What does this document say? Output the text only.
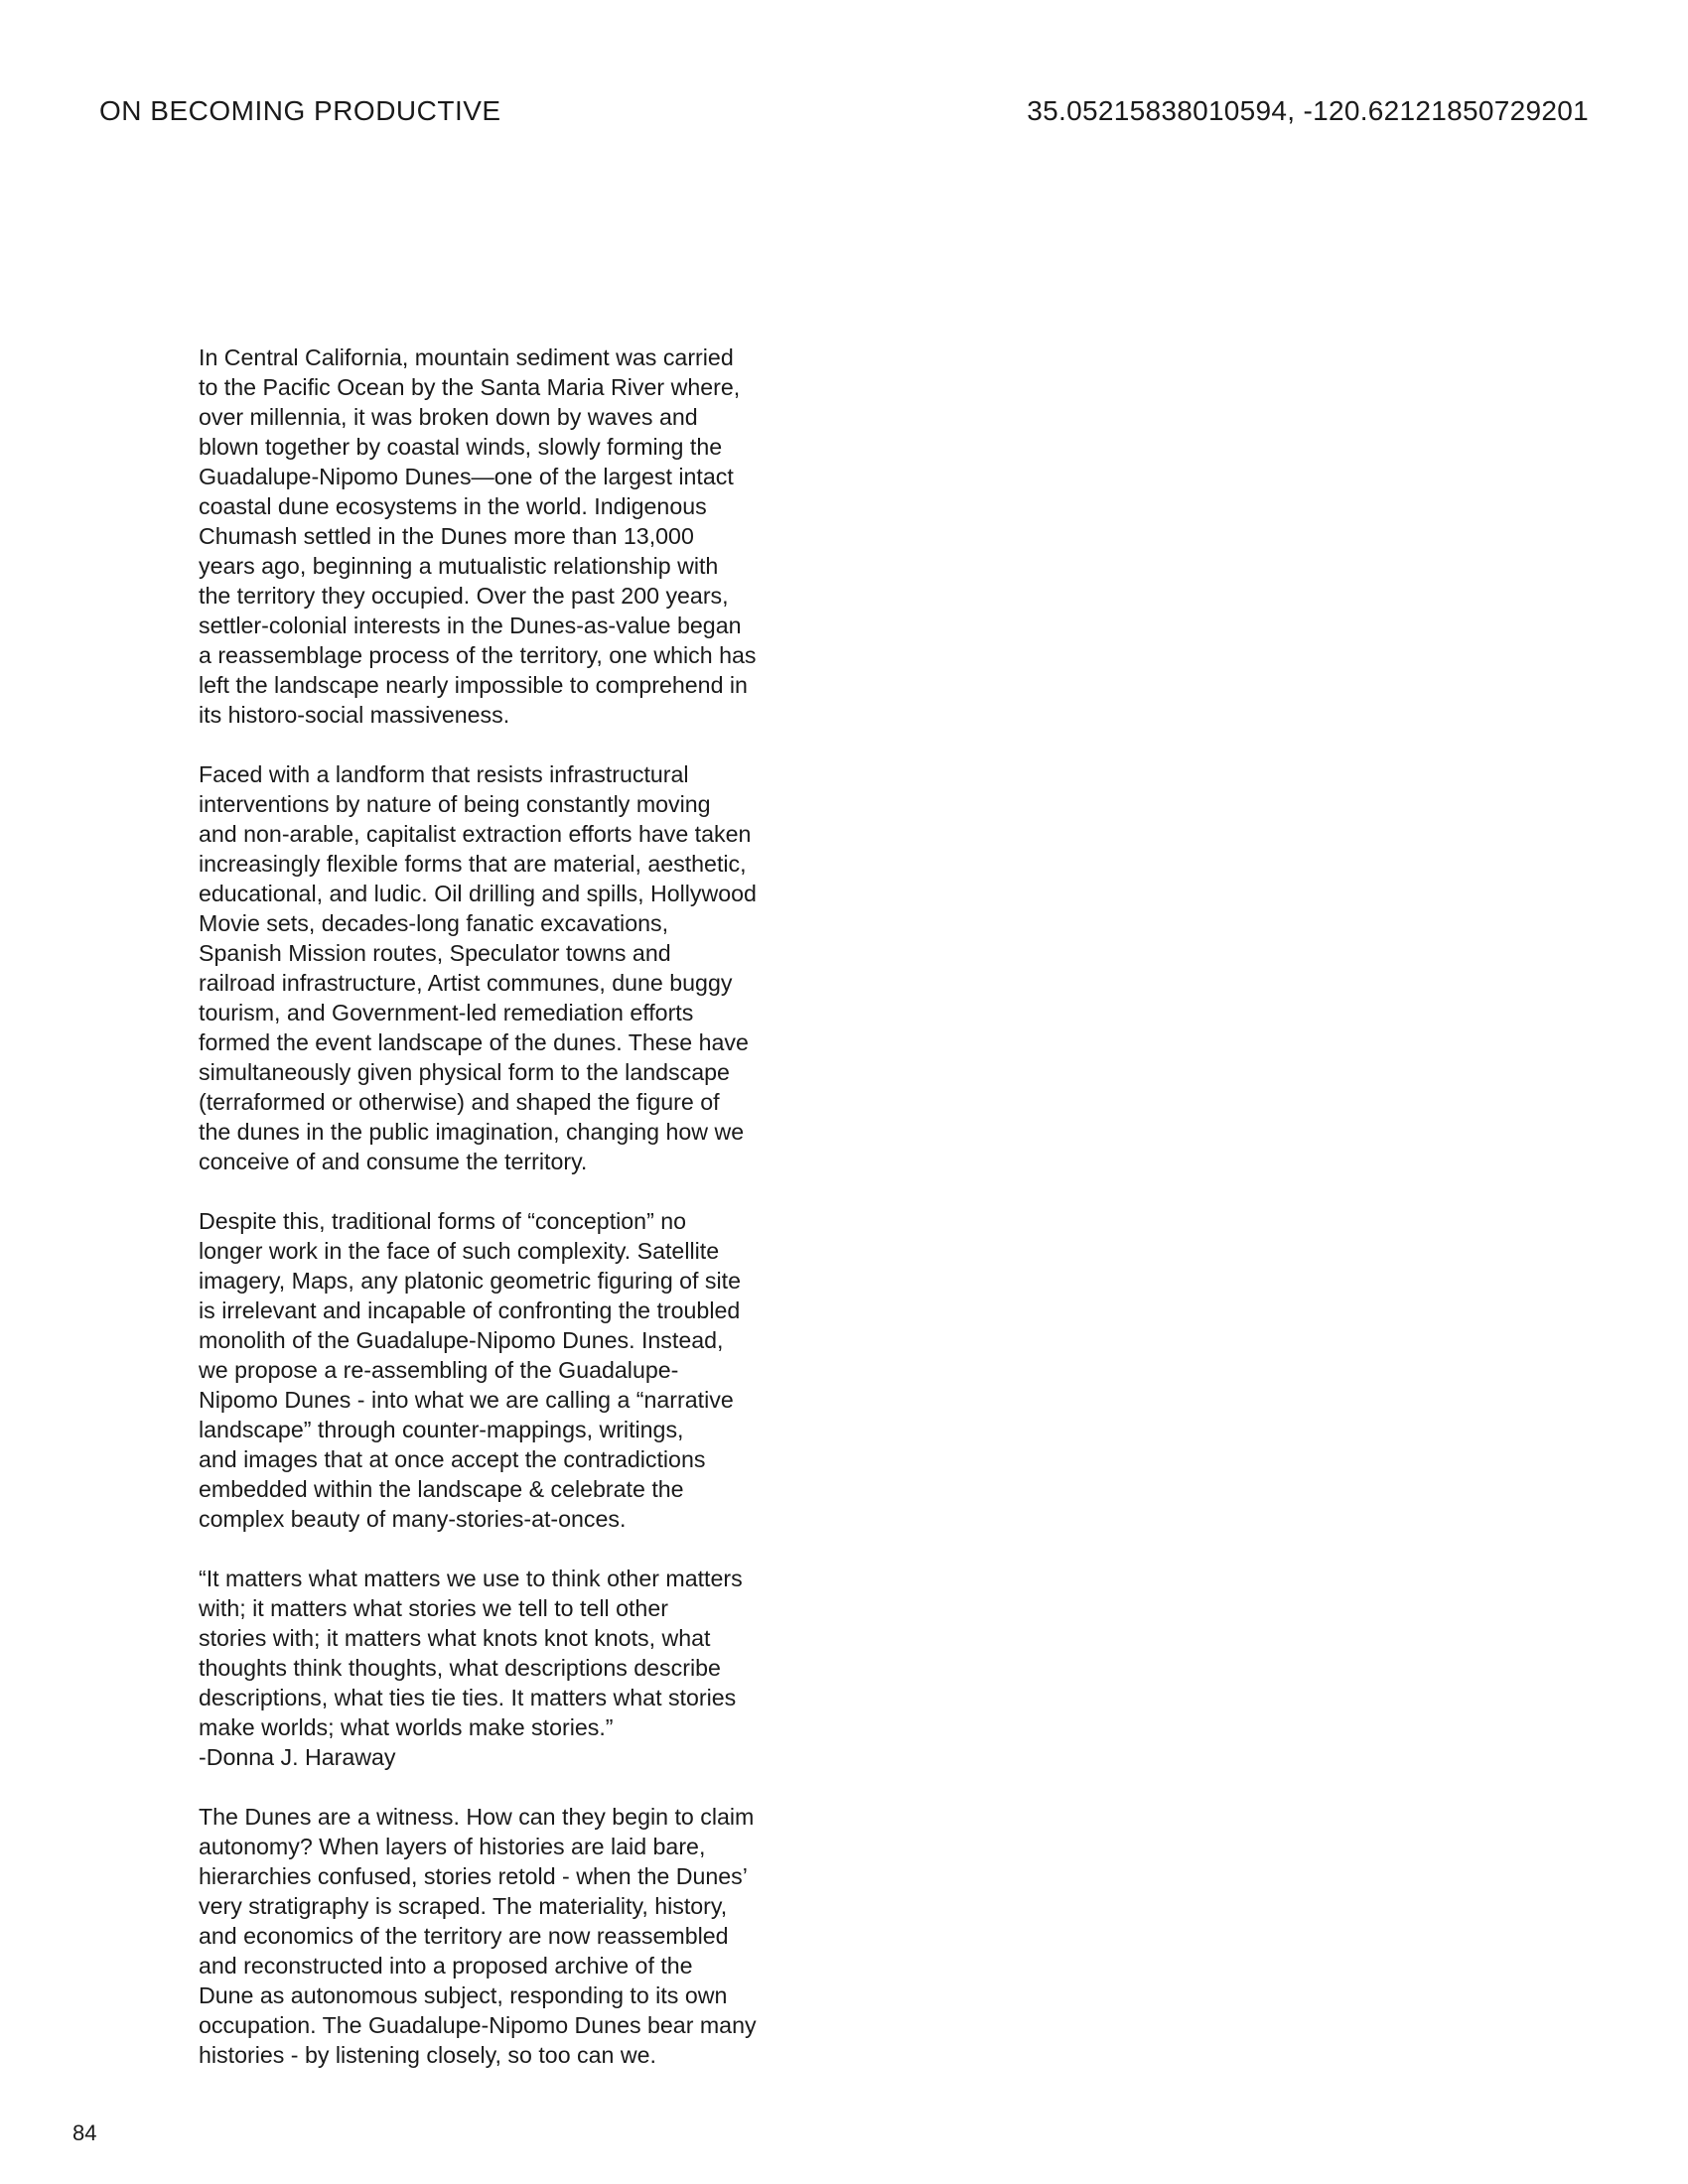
ON BECOMING PRODUCTIVE	35.05215838010594, -120.62121850729201
In Central California, mountain sediment was carried
to the Pacific Ocean by the Santa Maria River where,
over millennia, it was broken down by waves and
blown together by coastal winds, slowly forming the
Guadalupe-Nipomo Dunes—one of the largest intact
coastal dune ecosystems in the world. Indigenous
Chumash settled in the Dunes more than 13,000
years ago, beginning a mutualistic relationship with
the territory they occupied. Over the past 200 years,
settler-colonial interests in the Dunes-as-value began
a reassemblage process of the territory, one which has
left the landscape nearly impossible to comprehend in
its historo-social massiveness.
Faced with a landform that resists infrastructural
interventions by nature of being constantly moving
and non-arable, capitalist extraction efforts have taken
increasingly flexible forms that are material, aesthetic,
educational, and ludic. Oil drilling and spills, Hollywood
Movie sets, decades-long fanatic excavations,
Spanish Mission routes, Speculator towns and
railroad infrastructure, Artist communes, dune buggy
tourism, and Government-led remediation efforts
formed the event landscape of the dunes. These have
simultaneously given physical form to the landscape
(terraformed or otherwise) and shaped the figure of
the dunes in the public imagination, changing how we
conceive of and consume the territory.
Despite this, traditional forms of “conception” no
longer work in the face of such complexity. Satellite
imagery, Maps, any platonic geometric figuring of site
is irrelevant and incapable of confronting the troubled
monolith of the Guadalupe-Nipomo Dunes. Instead,
we propose a re-assembling of the Guadalupe-
Nipomo Dunes - into what we are calling a “narrative
landscape” through counter-mappings, writings,
and images that at once accept the contradictions
embedded within the landscape & celebrate the
complex beauty of many-stories-at-onces.
“It matters what matters we use to think other matters
with; it matters what stories we tell to tell other
stories with; it matters what knots knot knots, what
thoughts think thoughts, what descriptions describe
descriptions, what ties tie ties. It matters what stories
make worlds; what worlds make stories.”
-Donna J. Haraway
The Dunes are a witness. How can they begin to claim
autonomy? When layers of histories are laid bare,
hierarchies confused, stories retold - when the Dunes’
very stratigraphy is scraped. The materiality, history,
and economics of the territory are now reassembled
and reconstructed into a proposed archive of the
Dune as autonomous subject, responding to its own
occupation. The Guadalupe-Nipomo Dunes bear many
histories - by listening closely, so too can we.
84
